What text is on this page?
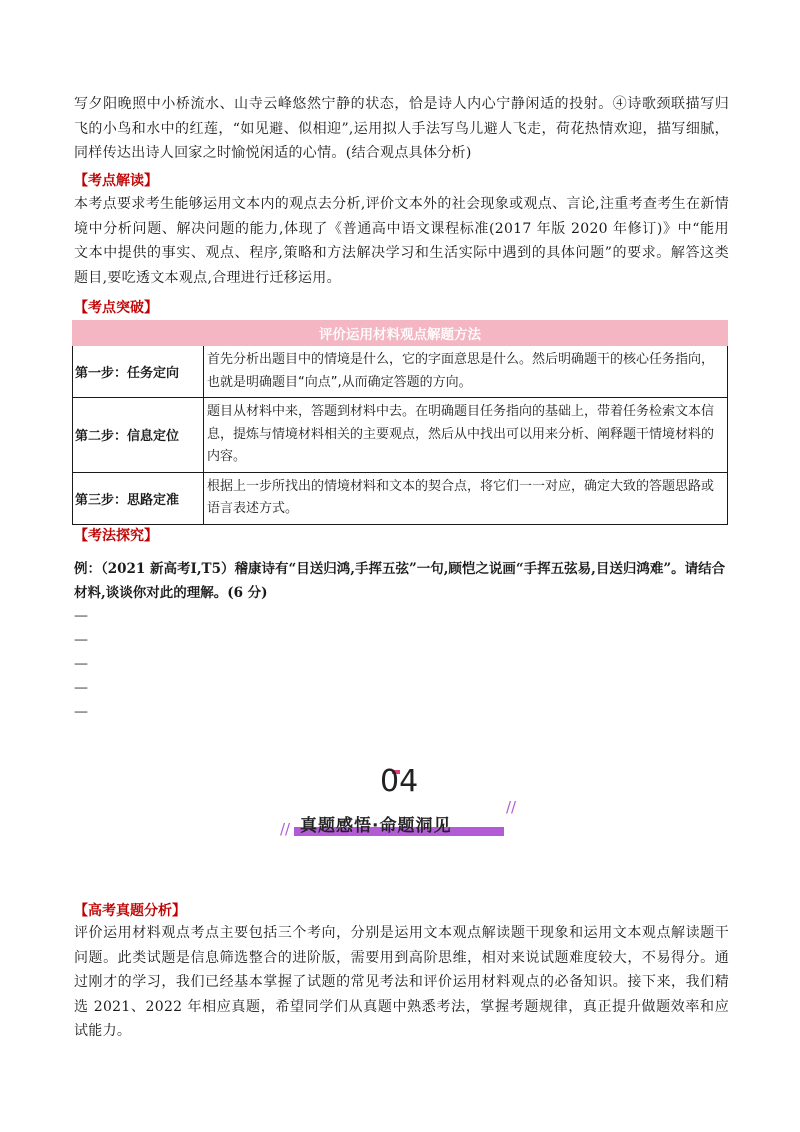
写夕阳晚照中小桥流水、山寺云峰悠然宁静的状态，恰是诗人内心宁静闲适的投射。④诗歌颈联描写归飞的小鸟和水中的红莲，“如见避、似相迎”,运用拟人手法写鸟儿避人飞走，荷花热情欢迎，描写细腻，同样传达出诗人回家之时愉悦闲适的心情。(结合观点具体分析)
【考点解读】
本考点要求考生能够运用文本内的观点去分析,评价文本外的社会现象或观点、言论,注重考查考生在新情境中分析问题、解决问题的能力,体现了《普通高中语文课程标准(2017 年版 2020 年修订)》中“能用文本中提供的事实、观点、程序,策略和方法解决学习和生活实际中遇到的具体问题”的要求。解答这类题目,要吃透文本观点,合理进行迁移运用。
【考点突破】
评价运用材料观点解题方法	
第一步：任务定向	首先分析出题目中的情境是什么，它的字面意思是什么。然后明确题干的核心任务指向，也就是明确题目“向点”,从而确定答题的方向。
第二步：信息定位	题目从材料中来，答题到材料中去。在明确题目任务指向的基础上，带着任务检索文本信息，提炼与情境材料相关的主要观点，然后从中找出可以用来分析、阐释题干情境材料的内容。
第三步：思路定准	根据上一步所找出的情境材料和文本的契合点，将它们一一对应，确定大致的答题思路或语言表述方式。
【考法探究】
例：（2021 新高考Ⅰ,T5）稽康诗有“目送归鸿,手挥五弦”一句,顾恺之说画“手挥五弦易,目送归鸿难”。请结合材料,谈谈你对此的理解。(6 分)
—
—
—
—
—
04
//
//
真题感悟·命题洞见
【高考真题分析】
评价运用材料观点考点主要包括三个考向，分别是运用文本观点解读题干现象和运用文本观点解读题干问题。此类试题是信息筛选整合的进阶版，需要用到高阶思维，相对来说试题难度较大，不易得分。通过刚才的学习，我们已经基本掌握了试题的常见考法和评价运用材料观点的必备知识。接下来，我们精选 2021、2022 年相应真题，希望同学们从真题中熟悉考法，掌握考题规律，真正提升做题效率和应试能力。
